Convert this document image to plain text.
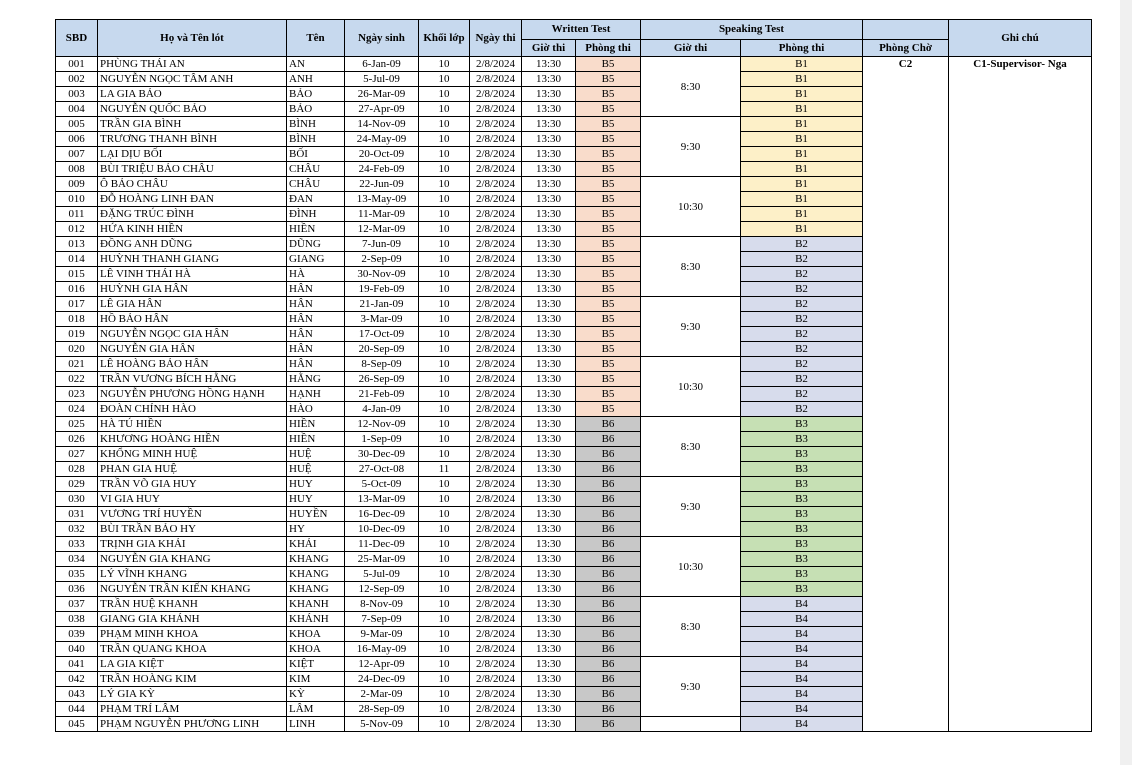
SBD	Họ và Tên lót	Tên	Ngày sinh	Khối lớp	Ngày thi	Written Test		Speaking Test			Ghi chú
						Giờ thi	Phòng thi	Giờ thi	Phòng thi	Phòng Chờ	
001	PHÙNG THÁI AN	AN	6-Jan-09	10	2/8/2024	13:30	B5	8:30	B1	C2	C1-Supervisor- Nga
002	NGUYỄN NGỌC TÂM ANH	ANH	5-Jul-09	10	2/8/2024	13:30	B5		B1		
003	LA GIA BẢO	BẢO	26-Mar-09	10	2/8/2024	13:30	B5		B1		
004	NGUYỄN QUỐC BẢO	BẢO	27-Apr-09	10	2/8/2024	13:30	B5		B1		
005	TRẦN GIA BÌNH	BÌNH	14-Nov-09	10	2/8/2024	13:30	B5	9:30	B1		
006	TRƯƠNG THANH BÌNH	BÌNH	24-May-09	10	2/8/2024	13:30	B5		B1		
007	LẠI DỊU BỐI	BỐI	20-Oct-09	10	2/8/2024	13:30	B5		B1		
008	BÙI TRIỆU BẢO CHÂU	CHÂU	24-Feb-09	10	2/8/2024	13:30	B5		B1		
009	Ô BẢO CHÂU	CHÂU	22-Jun-09	10	2/8/2024	13:30	B5	10:30	B1		
010	ĐỖ HOÀNG LINH ĐAN	ĐAN	13-May-09	10	2/8/2024	13:30	B5		B1		
011	ĐẶNG TRÚC ĐÌNH	ĐÌNH	11-Mar-09	10	2/8/2024	13:30	B5		B1		
012	HỨA KINH HIỀN	HIỀN	12-Mar-09	10	2/8/2024	13:30	B5		B1		
013	ĐỒNG ANH DŨNG	DŨNG	7-Jun-09	10	2/8/2024	13:30	B5	8:30	B2		
014	HUỲNH THANH GIANG	GIANG	2-Sep-09	10	2/8/2024	13:30	B5		B2		
015	LÊ VINH THÁI HÀ	HÀ	30-Nov-09	10	2/8/2024	13:30	B5		B2		
016	HUỲNH GIA HÂN	HÂN	19-Feb-09	10	2/8/2024	13:30	B5		B2		
017	LÊ GIA HÂN	HÂN	21-Jan-09	10	2/8/2024	13:30	B5	9:30	B2		
018	HỒ BẢO HÂN	HÂN	3-Mar-09	10	2/8/2024	13:30	B5		B2		
019	NGUYỄN NGỌC GIA HÂN	HÂN	17-Oct-09	10	2/8/2024	13:30	B5		B2		
020	NGUYỄN GIA HÂN	HÂN	20-Sep-09	10	2/8/2024	13:30	B5		B2		
021	LÊ HOÀNG BẢO HÂN	HÂN	8-Sep-09	10	2/8/2024	13:30	B5	10:30	B2		
022	TRẦN VƯƠNG BÍCH HẰNG	HẰNG	26-Sep-09	10	2/8/2024	13:30	B5		B2		
023	NGUYỄN PHƯƠNG HỒNG HẠNH	HẠNH	21-Feb-09	10	2/8/2024	13:30	B5		B2		
024	ĐOÀN CHÍNH HÀO	HÀO	4-Jan-09	10	2/8/2024	13:30	B5		B2		
025	HÀ TÚ HIỀN	HIỀN	12-Nov-09	10	2/8/2024	13:30	B6	8:30	B3		
026	KHƯƠNG HOÀNG HIỀN	HIỀN	1-Sep-09	10	2/8/2024	13:30	B6		B3		
027	KHỔNG MINH HUỆ	HUỆ	30-Dec-09	10	2/8/2024	13:30	B6		B3		
028	PHAN GIA HUỆ	HUỆ	27-Oct-08	11	2/8/2024	13:30	B6		B3		
029	TRẦN VÕ GIA HUY	HUY	5-Oct-09	10	2/8/2024	13:30	B6	9:30	B3		
030	VI GIA HUY	HUY	13-Mar-09	10	2/8/2024	13:30	B6		B3		
031	VƯƠNG TRÍ HUYỀN	HUYỀN	16-Dec-09	10	2/8/2024	13:30	B6		B3		
032	BÙI TRẦN BẢO HY	HY	10-Dec-09	10	2/8/2024	13:30	B6		B3		
033	TRỊNH GIA KHẢI	KHẢI	11-Dec-09	10	2/8/2024	13:30	B6	10:30	B3		
034	NGUYỄN GIA KHANG	KHANG	25-Mar-09	10	2/8/2024	13:30	B6		B3		
035	LÝ VĨNH KHANG	KHANG	5-Jul-09	10	2/8/2024	13:30	B6		B3		
036	NGUYỄN TRẦN KIẾN KHANG	KHANG	12-Sep-09	10	2/8/2024	13:30	B6		B3		
037	TRẦN HUỆ KHANH	KHANH	8-Nov-09	10	2/8/2024	13:30	B6	8:30	B4		
038	GIANG GIA KHÁNH	KHÁNH	7-Sep-09	10	2/8/2024	13:30	B6		B4		
039	PHẠM MINH KHOA	KHOA	9-Mar-09	10	2/8/2024	13:30	B6		B4		
040	TRẦN QUANG KHOA	KHOA	16-May-09	10	2/8/2024	13:30	B6		B4		
041	LA GIA KIỆT	KIỆT	12-Apr-09	10	2/8/2024	13:30	B6	9:30	B4		
042	TRẦN HOÀNG KIM	KIM	24-Dec-09	10	2/8/2024	13:30	B6		B4		
043	LÝ GIA KỲ	KỲ	2-Mar-09	10	2/8/2024	13:30	B6		B4		
044	PHẠM TRÍ LÂM	LÂM	28-Sep-09	10	2/8/2024	13:30	B6		B4		
045	PHẠM NGUYỄN PHƯƠNG LINH	LINH	5-Nov-09	10	2/8/2024	13:30	B6		B4		
